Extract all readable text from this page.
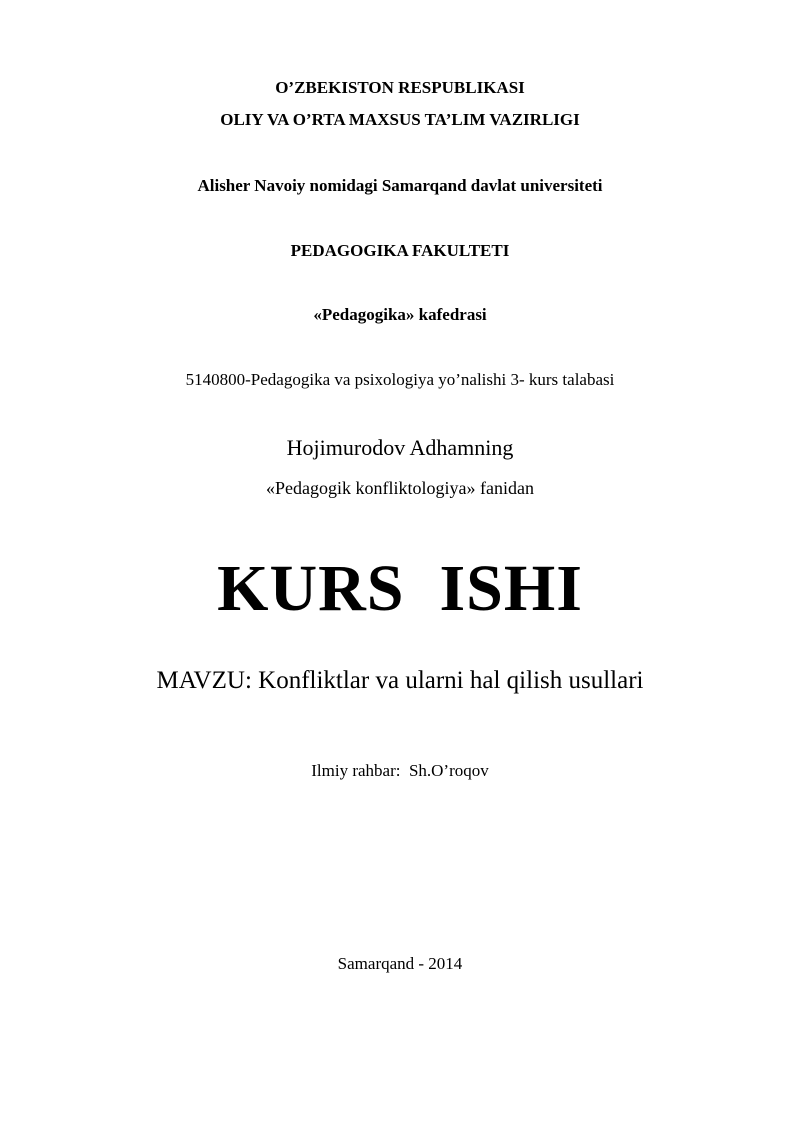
O’ZBEKISTON RESPUBLIKASI

OLIY VA O’RTA MAXSUS TA’LIM VAZIRLIGI

Alisher Navoiy nomidagi Samarqand davlat universiteti

PEDAGOGIKA FAKULTETI

«Pedagogika» kafedrasi

5140800-Pedagogika va psixologiya yo’nalishi 3- kurs talabasi

Hojimurodov Adhamning

«Pedagogik konfliktologiya» fanidan

KURS  ISHI

MAVZU: Konfliktlar va ularni hal qilish usullari

Ilmiy rahbar:  Sh.O’roqov

Samarqand - 2014
